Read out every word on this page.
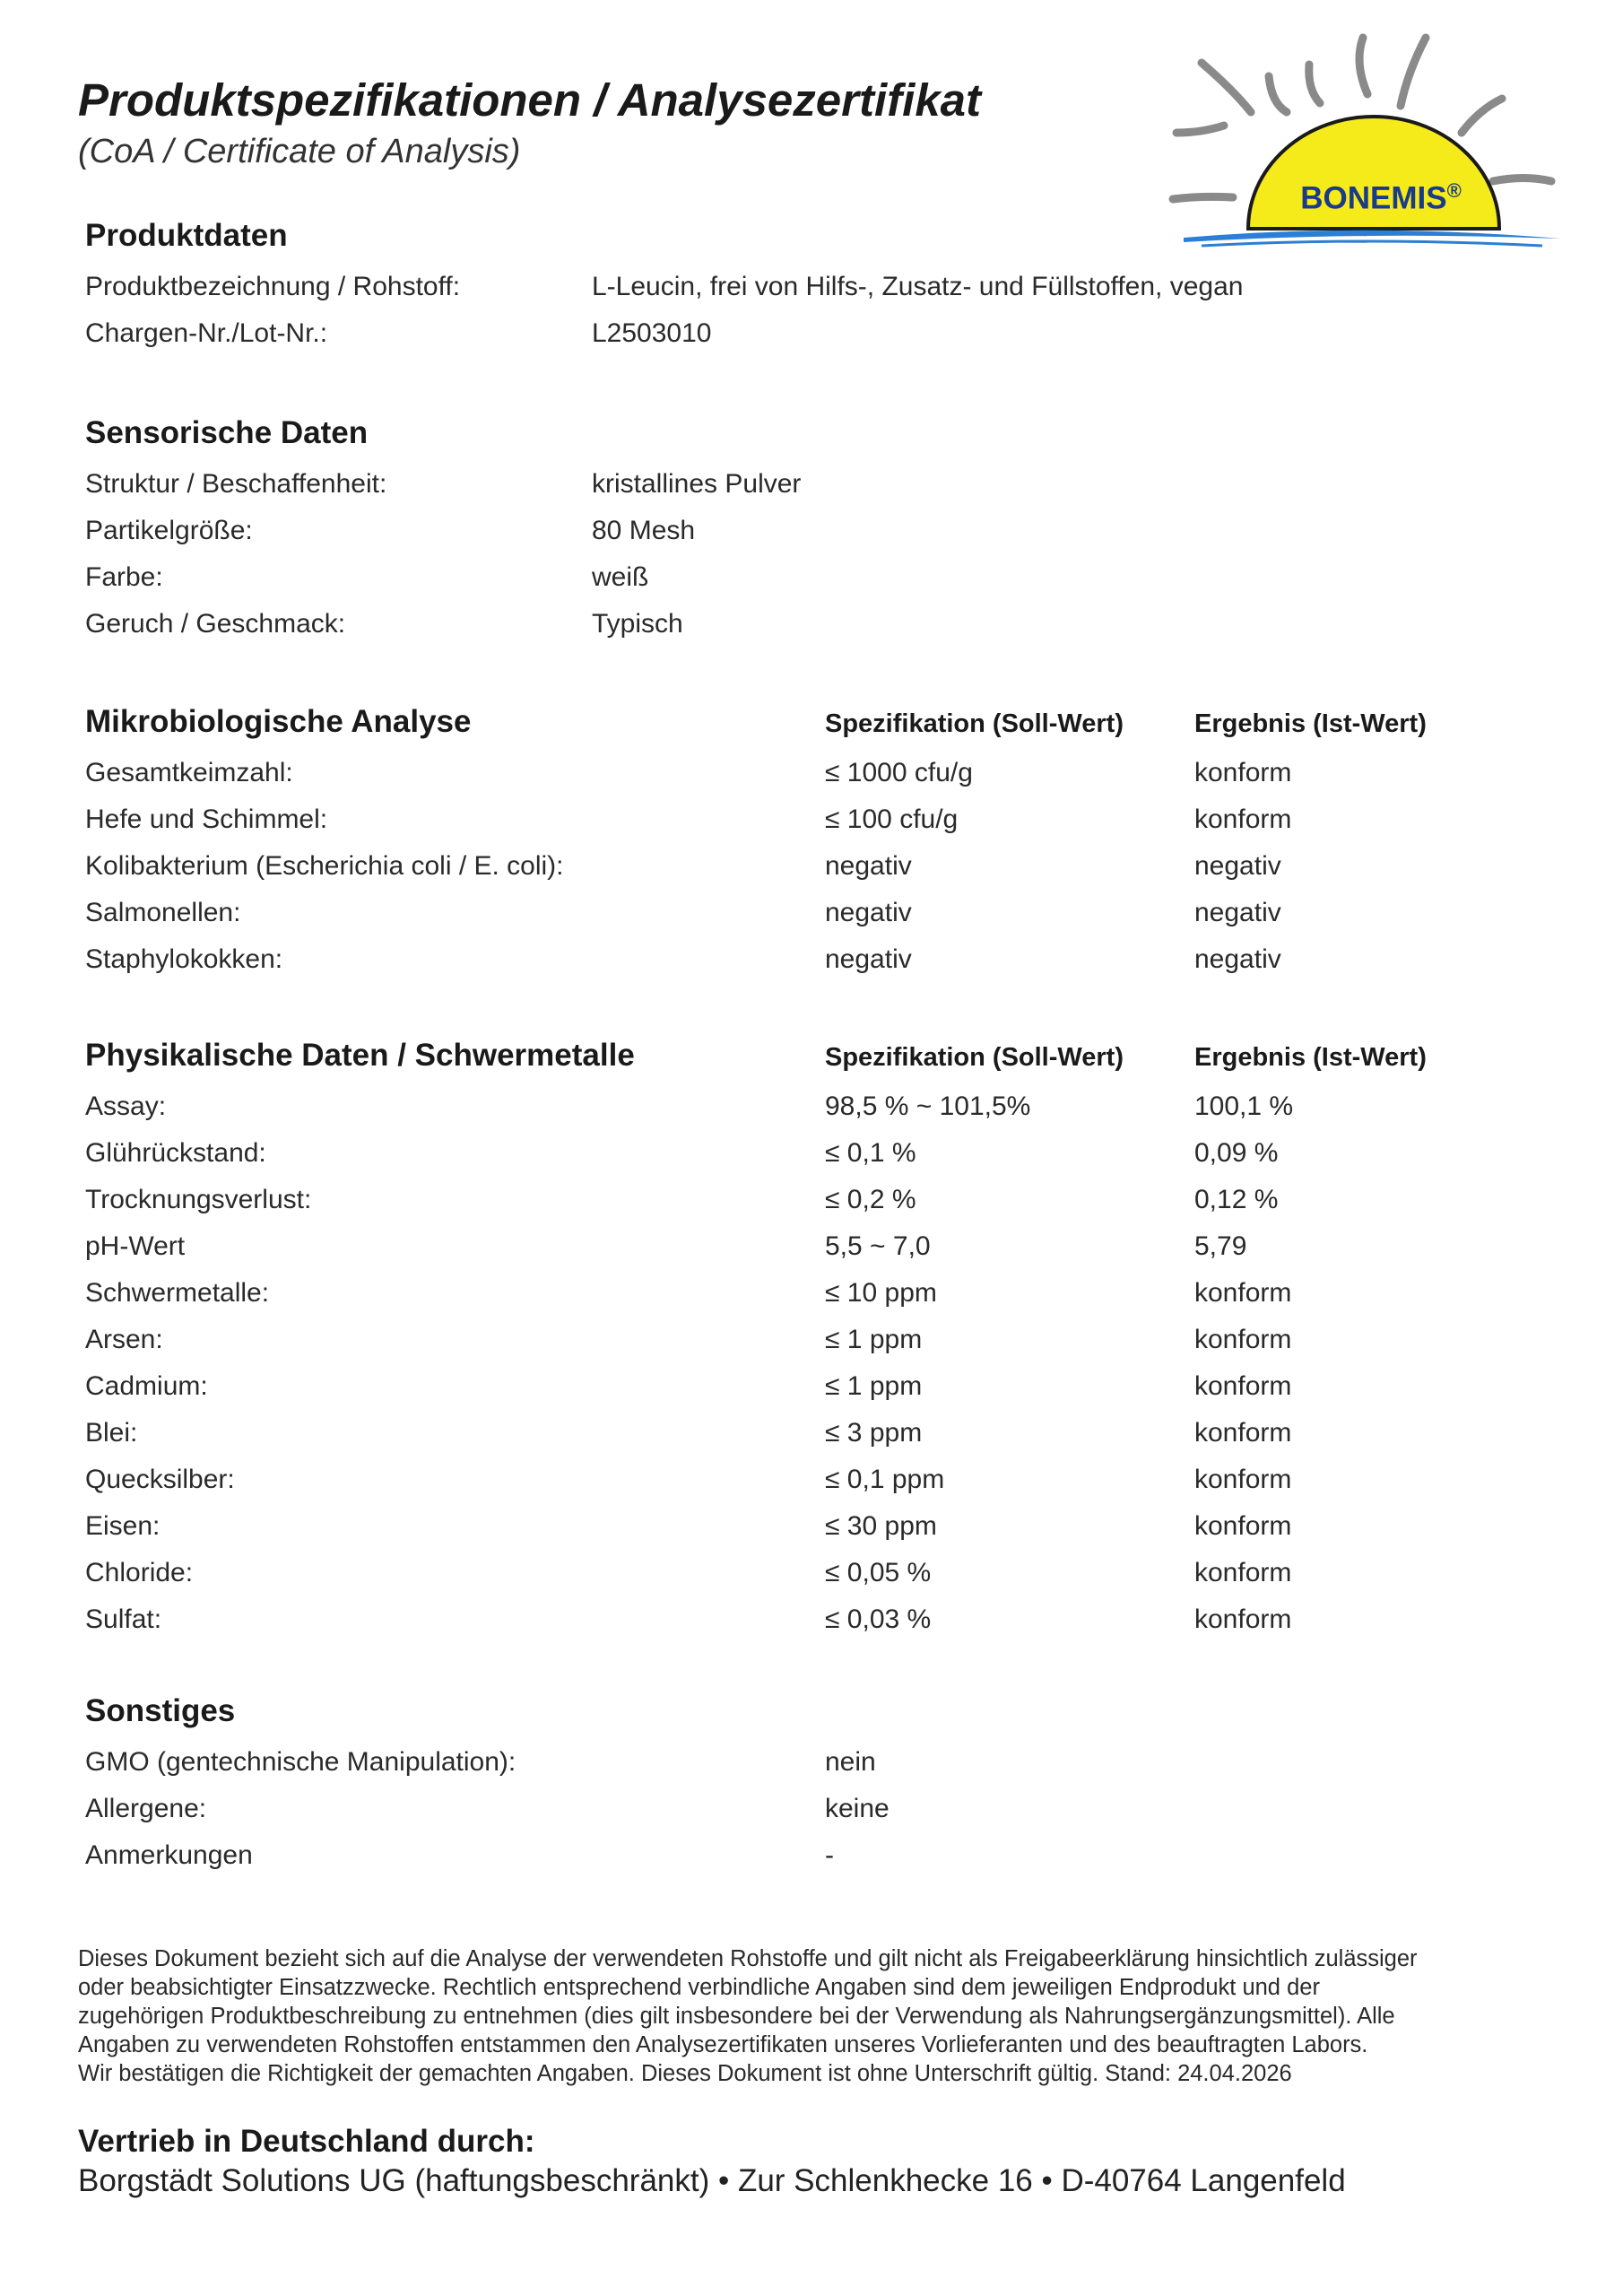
Produktspezifikationen / Analysezertifikat
(CoA / Certificate of Analysis)
BONEMIS®
Produktdaten
Produktbezeichnung / Rohstoff:	L-Leucin, frei von Hilfs-, Zusatz- und Füllstoffen, vegan
Chargen-Nr./Lot-Nr.:	L2503010
Sensorische Daten
Struktur / Beschaffenheit:	kristallines Pulver
Partikelgröße:	80 Mesh
Farbe:	weiß
Geruch / Geschmack:	Typisch
Mikrobiologische Analyse	Spezifikation (Soll-Wert)	Ergebnis (Ist-Wert)
Gesamtkeimzahl:	≤ 1000 cfu/g	konform
Hefe und Schimmel:	≤ 100 cfu/g	konform
Kolibakterium (Escherichia coli / E. coli):	negativ	negativ
Salmonellen:	negativ	negativ
Staphylokokken:	negativ	negativ
Physikalische Daten / Schwermetalle	Spezifikation (Soll-Wert)	Ergebnis (Ist-Wert)
Assay:	98,5 % ~ 101,5%	100,1 %
Glührückstand:	≤ 0,1 %	0,09 %
Trocknungsverlust:	≤ 0,2 %	0,12 %
pH-Wert	5,5 ~ 7,0	5,79
Schwermetalle:	≤ 10 ppm	konform
Arsen:	≤ 1 ppm	konform
Cadmium:	≤ 1 ppm	konform
Blei:	≤ 3 ppm	konform
Quecksilber:	≤ 0,1 ppm	konform
Eisen:	≤ 30 ppm	konform
Chloride:	≤ 0,05 %	konform
Sulfat:	≤ 0,03 %	konform
Sonstiges
GMO (gentechnische Manipulation):	nein
Allergene:	keine
Anmerkungen	-
Dieses Dokument bezieht sich auf die Analyse der verwendeten Rohstoffe und gilt nicht als Freigabeerklärung hinsichtlich zulässiger
oder beabsichtigter Einsatzzwecke. Rechtlich entsprechend verbindliche Angaben sind dem jeweiligen Endprodukt und der
zugehörigen Produktbeschreibung zu entnehmen (dies gilt insbesondere bei der Verwendung als Nahrungsergänzungsmittel). Alle
Angaben zu verwendeten Rohstoffen entstammen den Analysezertifikaten unseres Vorlieferanten und des beauftragten Labors.
Wir bestätigen die Richtigkeit der gemachten Angaben. Dieses Dokument ist ohne Unterschrift gültig. Stand: 24.04.2026
Vertrieb in Deutschland durch:
Borgstädt Solutions UG (haftungsbeschränkt) • Zur Schlenkhecke 16 • D-40764 Langenfeld
